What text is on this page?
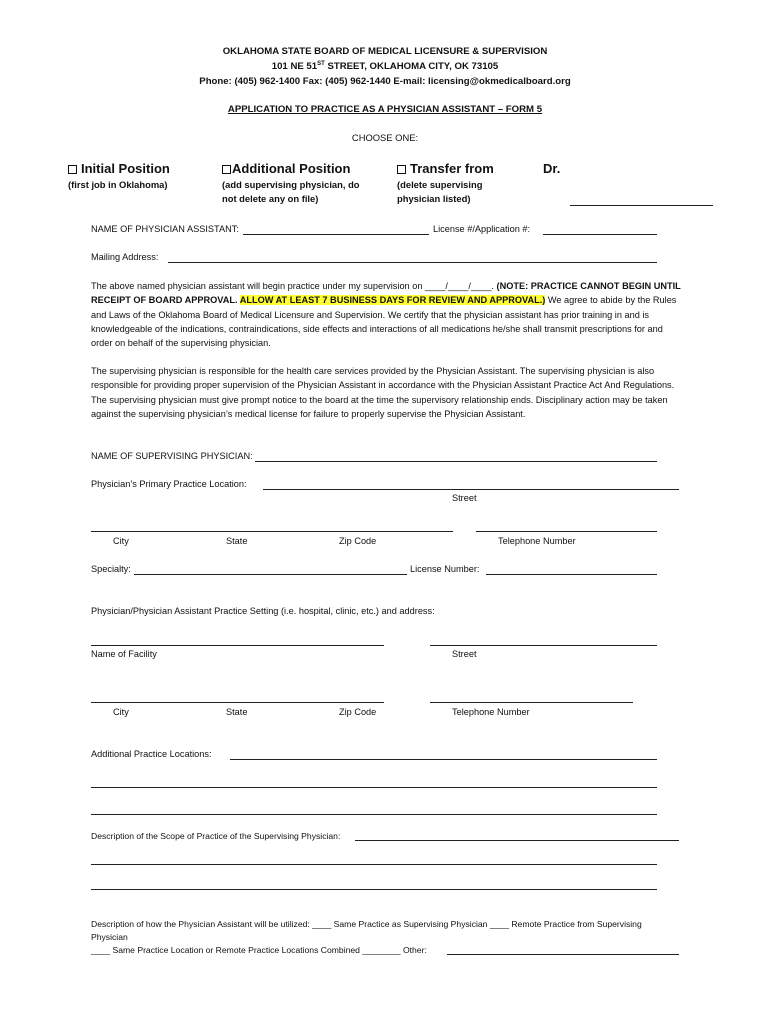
OKLAHOMA STATE BOARD OF MEDICAL LICENSURE & SUPERVISION
101 NE 51ST STREET, OKLAHOMA CITY, OK 73105
Phone: (405) 962-1400 Fax: (405) 962-1440 E-mail: licensing@okmedicalboard.org
APPLICATION TO PRACTICE AS A PHYSICIAN ASSISTANT – FORM 5
CHOOSE ONE:
Initial Position
(first job in Oklahoma)
Additional Position
(add supervising physician, do
not delete any on file)
Transfer from
(delete supervising
physician listed)
Dr.
NAME OF PHYSICIAN ASSISTANT:	License #/Application #:
Mailing Address:
The above named physician assistant will begin practice under my supervision on ____/____/____. (NOTE: PRACTICE CANNOT BEGIN UNTIL RECEIPT OF BOARD APPROVAL. ALLOW AT LEAST 7 BUSINESS DAYS FOR REVIEW AND APPROVAL.) We agree to abide by the Rules and Laws of the Oklahoma Board of Medical Licensure and Supervision. We certify that the physician assistant has prior training in and is knowledgeable of the indications, contraindications, side effects and interactions of all medications he/she shall transmit prescriptions for and order on behalf of the supervising physician.
The supervising physician is responsible for the health care services provided by the Physician Assistant. The supervising physician is also responsible for providing proper supervision of the Physician Assistant in accordance with the Physician Assistant Practice Act And Regulations. The supervising physician must give prompt notice to the board at the time the supervisory relationship ends. Disciplinary action may be taken against the supervising physician’s medical license for failure to properly supervise the Physician Assistant.
NAME OF SUPERVISING PHYSICIAN:
Physician’s Primary Practice Location:
Street
City	State	Zip Code	Telephone Number
Specialty:	License Number:
Physician/Physician Assistant Practice Setting (i.e. hospital, clinic, etc.) and address:
Name of Facility	Street
City	State	Zip Code	Telephone Number
Additional Practice Locations:
Description of the Scope of Practice of the Supervising Physician:
Description of how the Physician Assistant will be utilized: ____ Same Practice as Supervising Physician ____ Remote Practice from Supervising
Physician
____ Same Practice Location or Remote Practice Locations Combined ________ Other:
